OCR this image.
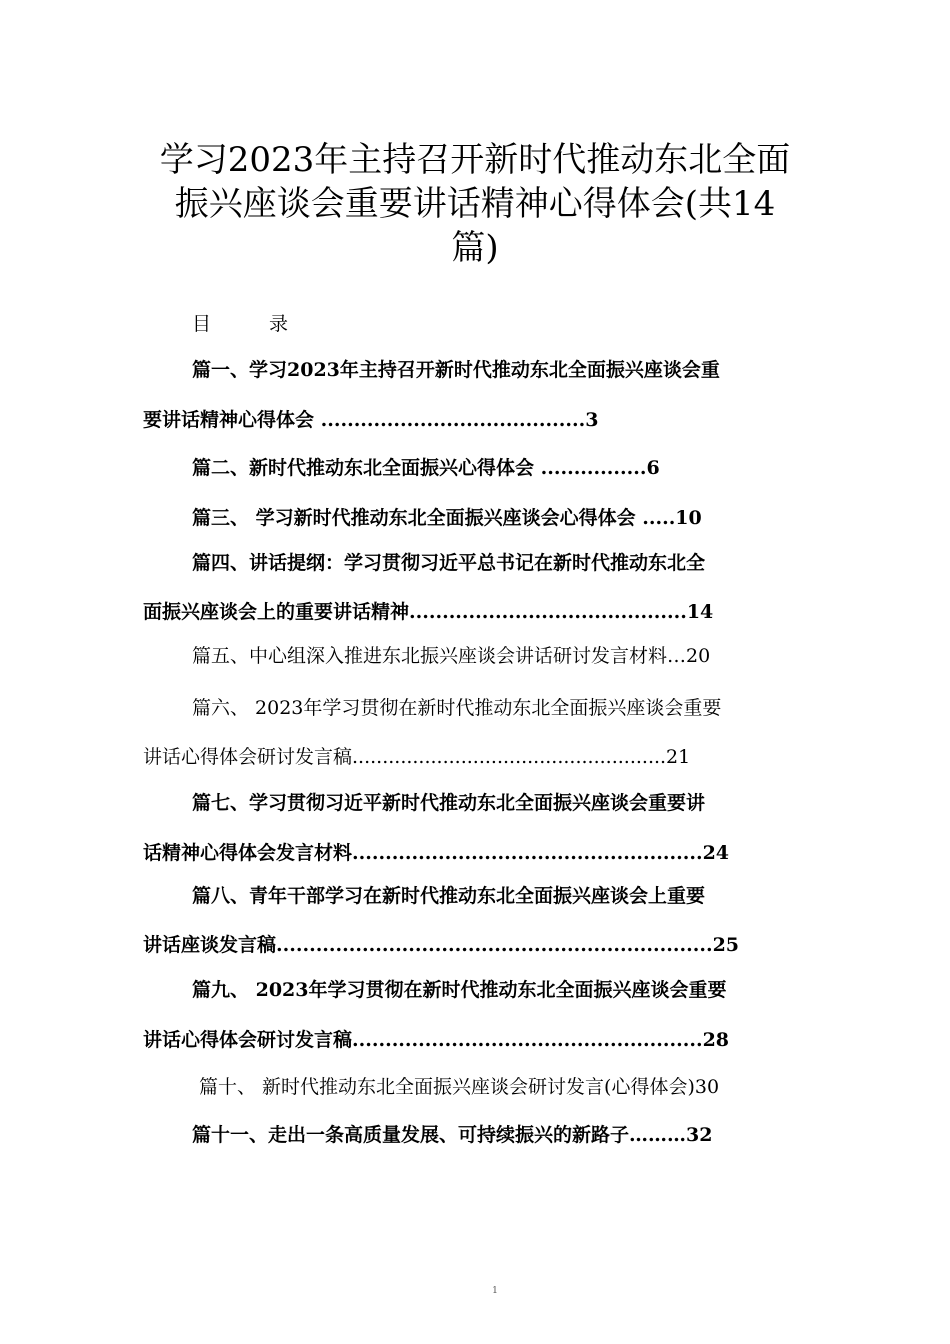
学习2023年主持召开新时代推动东北全面
振兴座谈会重要讲话精神心得体会(共14
篇)
目 录
篇一、学习2023年主持召开新时代推动东北全面振兴座谈会重
要讲话精神心得体会 ........................................3
篇二、新时代推动东北全面振兴心得体会 ................6
篇三、 学习新时代推动东北全面振兴座谈会心得体会 .....10
篇四、讲话提纲：学习贯彻习近平总书记在新时代推动东北全
面振兴座谈会上的重要讲话精神..........................................14
篇五、中心组深入推进东北振兴座谈会讲话研讨发言材料…20
篇六、 2023年学习贯彻在新时代推动东北全面振兴座谈会重要
讲话心得体会研讨发言稿....................................................21
篇七、学习贯彻习近平新时代推动东北全面振兴座谈会重要讲
话精神心得体会发言材料.....................................................24
篇八、青年干部学习在新时代推动东北全面振兴座谈会上重要
讲话座谈发言稿..................................................................25
篇九、 2023年学习贯彻在新时代推动东北全面振兴座谈会重要
讲话心得体会研讨发言稿.....................................................28
篇十、 新时代推动东北全面振兴座谈会研讨发言(心得体会)30
篇十一、走出一条高质量发展、可持续振兴的新路子………32
1
